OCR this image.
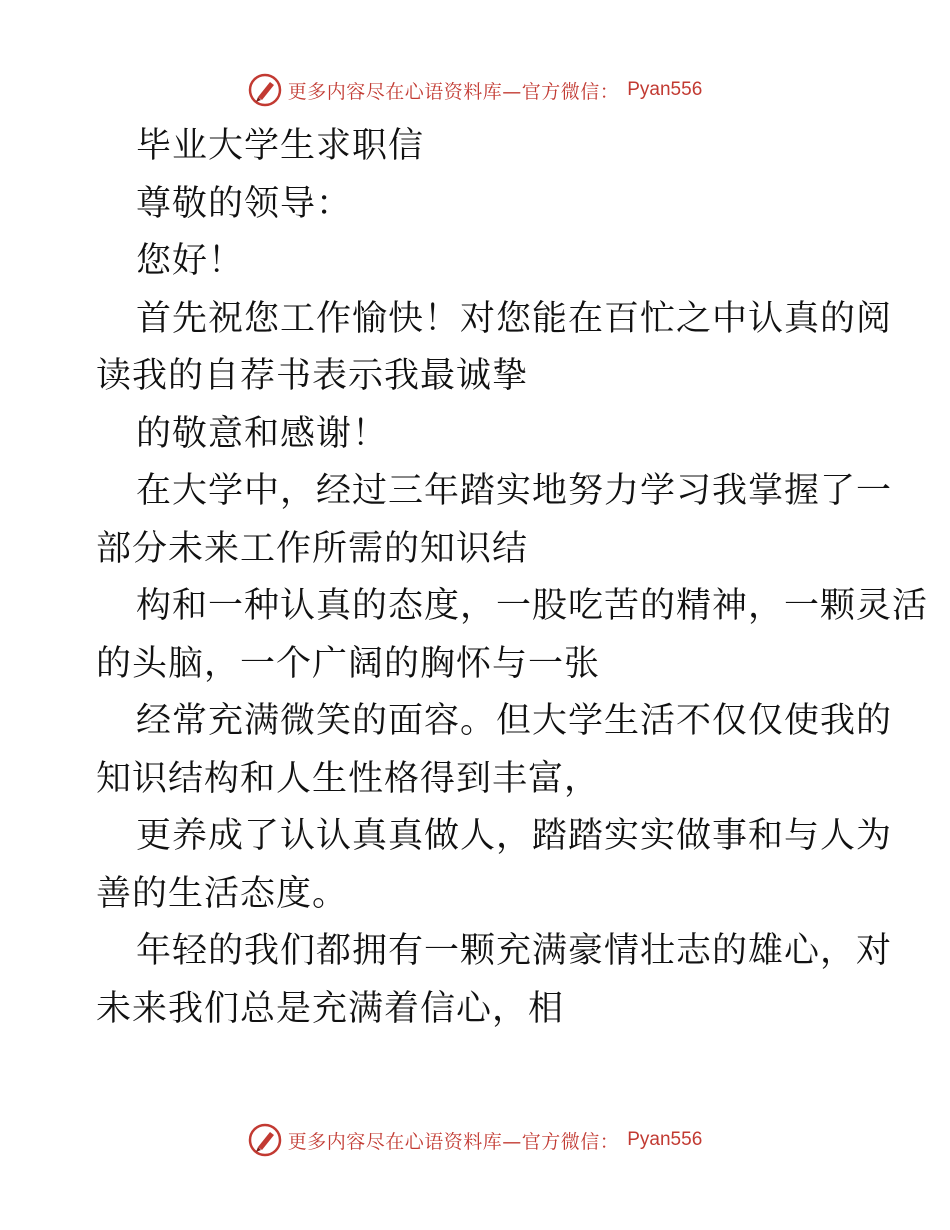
更多内容尽在心语资料库—官方微信： Pyan556
毕业大学生求职信
尊敬的领导：
您好！
首先祝您工作愉快！对您能在百忙之中认真的阅
读我的自荐书表示我最诚挚
的敬意和感谢！
在大学中，经过三年踏实地努力学习我掌握了一
部分未来工作所需的知识结
构和一种认真的态度，一股吃苦的精神，一颗灵活
的头脑，一个广阔的胸怀与一张
经常充满微笑的面容。但大学生活不仅仅使我的
知识结构和人生性格得到丰富，
更养成了认认真真做人，踏踏实实做事和与人为
善的生活态度。
年轻的我们都拥有一颗充满豪情壮志的雄心，对
未来我们总是充满着信心，相
更多内容尽在心语资料库—官方微信： Pyan556
